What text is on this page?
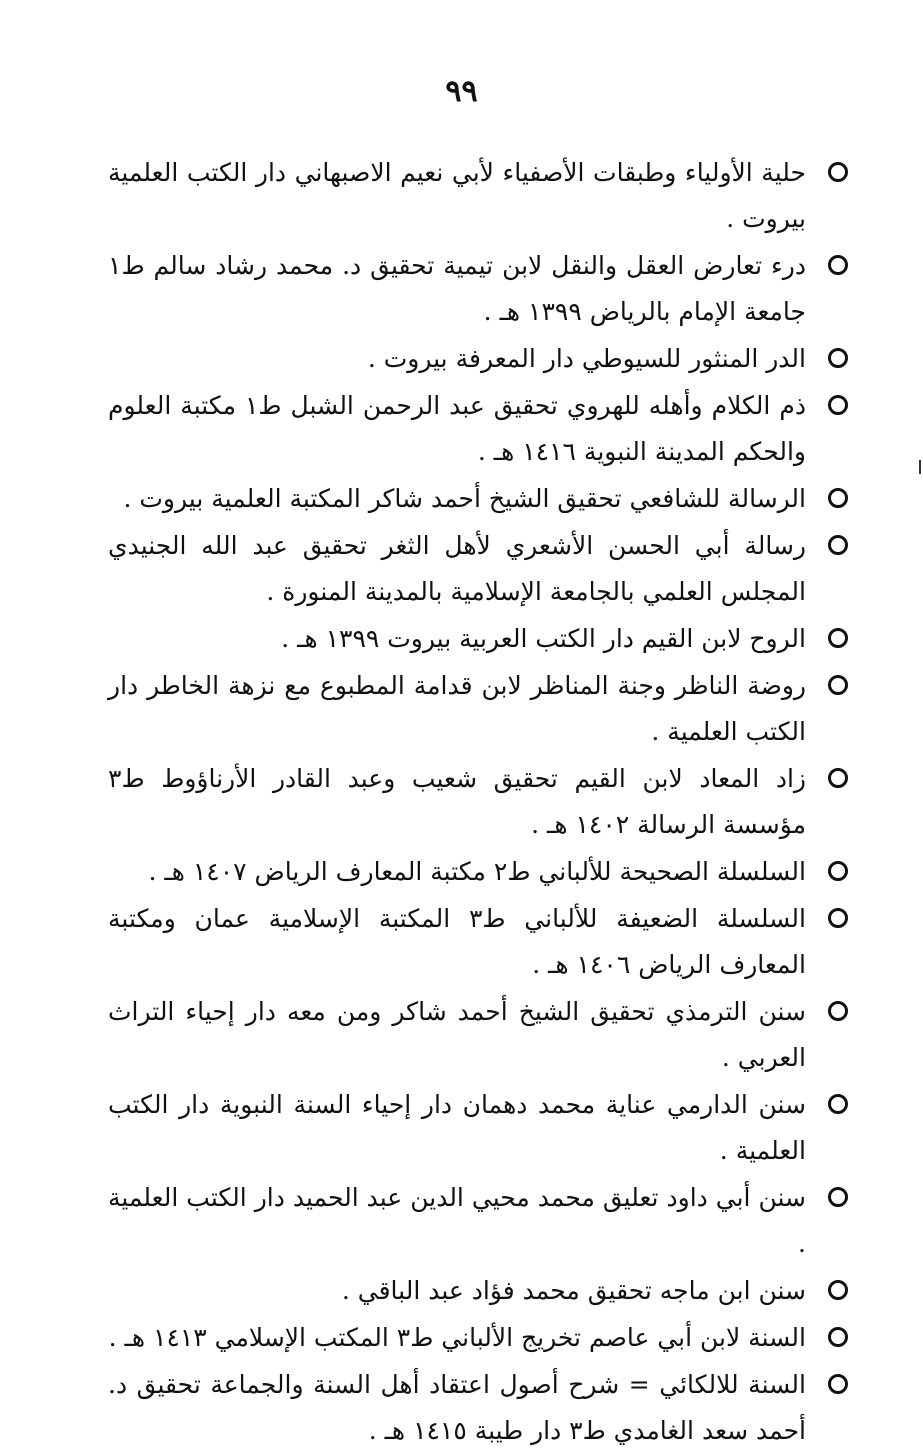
٩٩
حلية الأولياء وطبقات الأصفياء لأبي نعيم الاصبهاني دار الكتب العلمية بيروت .
درء تعارض العقل والنقل لابن تيمية تحقيق د. محمد رشاد سالم ط١ جامعة الإمام بالرياض ١٣٩٩ هـ .
الدر المنثور للسيوطي دار المعرفة بيروت .
ذم الكلام وأهله للهروي تحقيق عبد الرحمن الشبل ط١ مكتبة العلوم والحكم المدينة النبوية ١٤١٦ هـ .
الرسالة للشافعي تحقيق الشيخ أحمد شاكر المكتبة العلمية بيروت .
رسالة أبي الحسن الأشعري لأهل الثغر تحقيق عبد الله الجنيدي المجلس العلمي بالجامعة الإسلامية بالمدينة المنورة .
الروح لابن القيم دار الكتب العربية بيروت ١٣٩٩ هـ .
روضة الناظر وجنة المناظر لابن قدامة المطبوع مع نزهة الخاطر دار الكتب العلمية .
زاد المعاد لابن القيم تحقيق شعيب وعبد القادر الأرناؤوط ط٣ مؤسسة الرسالة ١٤٠٢ هـ .
السلسلة الصحيحة للألباني ط٢ مكتبة المعارف الرياض ١٤٠٧ هـ .
السلسلة الضعيفة للألباني ط٣ المكتبة الإسلامية عمان ومكتبة المعارف الرياض ١٤٠٦ هـ .
سنن الترمذي تحقيق الشيخ أحمد شاكر ومن معه دار إحياء التراث العربي .
سنن الدارمي عناية محمد دهمان دار إحياء السنة النبوية دار الكتب العلمية .
سنن أبي داود تعليق محمد محيي الدين عبد الحميد دار الكتب العلمية .
سنن ابن ماجه تحقيق محمد فؤاد عبد الباقي .
السنة لابن أبي عاصم تخريج الألباني ط٣ المكتب الإسلامي ١٤١٣ هـ .
السنة للالكائي = شرح أصول اعتقاد أهل السنة والجماعة تحقيق د. أحمد سعد الغامدي ط٣ دار طيبة ١٤١٥ هـ .
